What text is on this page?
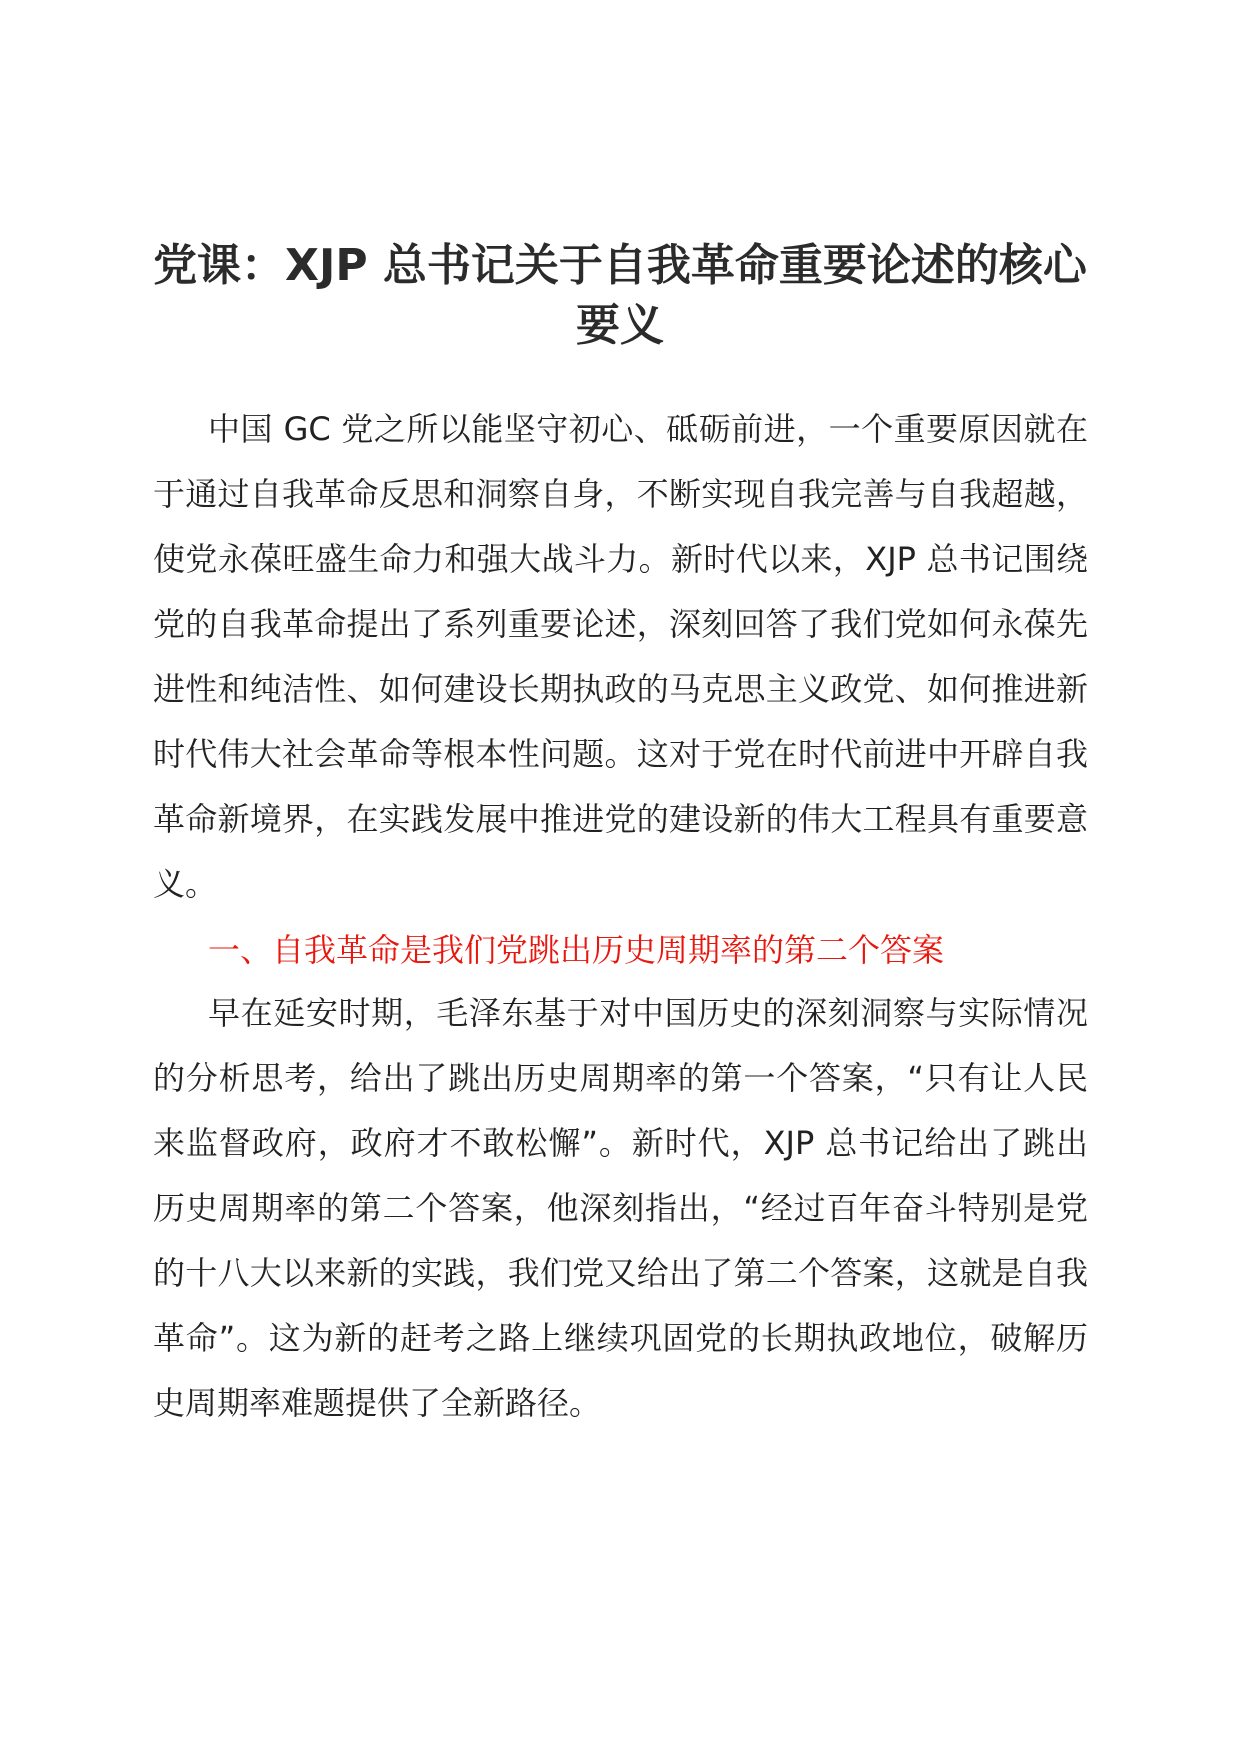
党课：XJP 总书记关于自我革命重要论述的核心要义

中国 GC 党之所以能坚守初心、砥砺前进，一个重要原因就在于通过自我革命反思和洞察自身，不断实现自我完善与自我超越，使党永葆旺盛生命力和强大战斗力。新时代以来，XJP 总书记围绕党的自我革命提出了系列重要论述，深刻回答了我们党如何永葆先进性和纯洁性、如何建设长期执政的马克思主义政党、如何推进新时代伟大社会革命等根本性问题。这对于党在时代前进中开辟自我革命新境界，在实践发展中推进党的建设新的伟大工程具有重要意义。

一、自我革命是我们党跳出历史周期率的第二个答案

早在延安时期，毛泽东基于对中国历史的深刻洞察与实际情况的分析思考，给出了跳出历史周期率的第一个答案，“只有让人民来监督政府，政府才不敢松懈”。新时代，XJP 总书记给出了跳出历史周期率的第二个答案，他深刻指出，“经过百年奋斗特别是党的十八大以来新的实践，我们党又给出了第二个答案，这就是自我革命”。这为新的赶考之路上继续巩固党的长期执政地位，破解历史周期率难题提供了全新路径。
